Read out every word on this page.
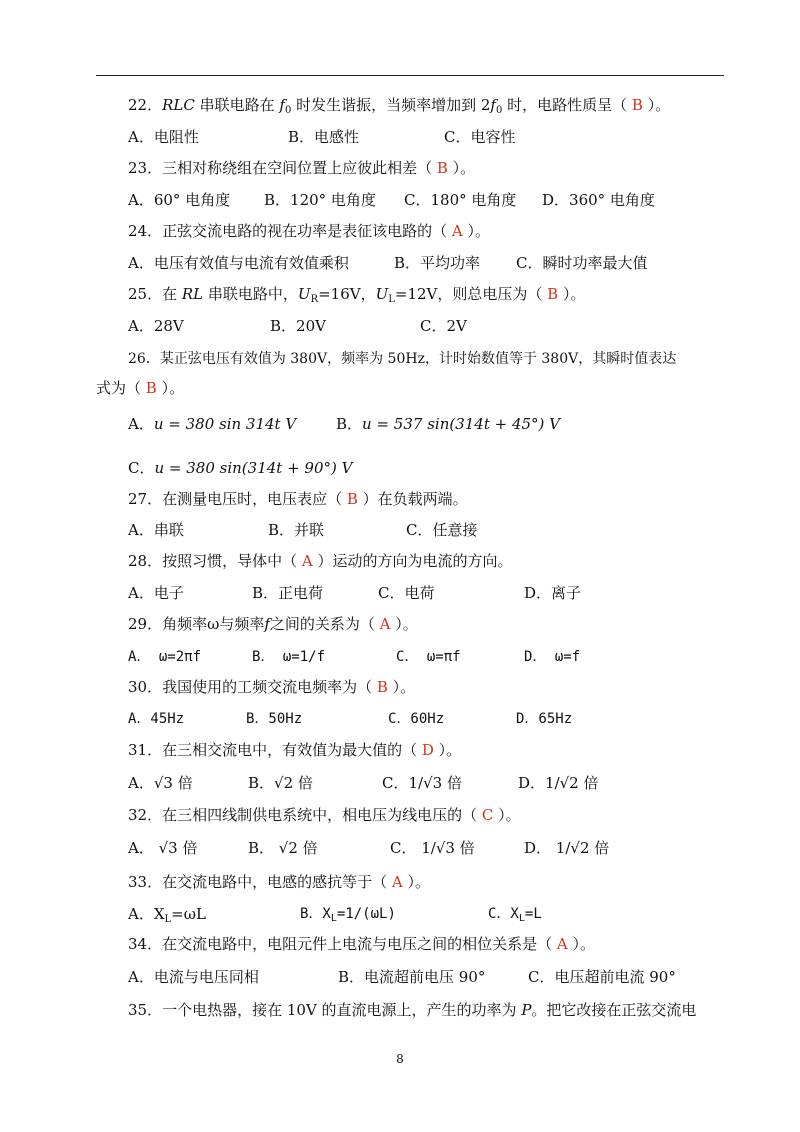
22．RLC 串联电路在 $f_0$ 时发生谐振，当频率增加到 $2f_0$ 时，电路性质呈（ B ）。
A．电阻性	B．电感性	C．电容性
23．三相对称绕组在空间位置上应彼此相差（ B ）。
A．60° 电角度 B．120° 电角度 C．180° 电角度 D．360° 电角度
24．正弦交流电路的视在功率是表征该电路的（ A ）。
A．电压有效值与电流有效值乘积	B．平均功率 C．瞬时功率最大值
25．在 RL 串联电路中，$U_R=16V$，$U_L=12V$，则总电压为（ B ）。
A．28V	B．20V	C．2V
26．某正弦电压有效值为 380V，频率为 50Hz，计时始数值等于 380V，其瞬时值表达
式为（ B ）。
A．u = 380 sin 314t V	B．u = 537 sin(314t + 45°) V
C．u = 380 sin(314t + 90°) V
27．在测量电压时，电压表应（ B ）在负载两端。
A．串联	B．并联	C．任意接
28．按照习惯，导体中（ A ）运动的方向为电流的方向。
A．电子	B．正电荷	C．电荷	D．离子
29．角频率ω与频率f之间的关系为（ A ）。
A． ω=2πf	B． ω=1/f	C． ω=πf	D． ω=f
30．我国使用的工频交流电频率为（ B ）。
A．45Hz	B．50Hz	C．60Hz	D．65Hz
31．在三相交流电中，有效值为最大值的（ D ）。
A．√3 倍	B．√2 倍	C．1/√3 倍	D．1/√2 倍
32．在三相四线制供电系统中，相电压为线电压的（ C ）。
A． √3 倍	B． √2 倍	C． 1/√3 倍	D． 1/√2 倍
33．在交流电路中，电感的感抗等于（ A ）。
A．$X_L=\omega L$	B．$X_L=1/(\omega L)$	C．$X_L=L$
34．在交流电路中，电阻元件上电流与电压之间的相位关系是（ A ）。
A．电流与电压同相	B．电流超前电压 90°	C．电压超前电流 90°
35．一个电热器，接在 10V 的直流电源上，产生的功率为 P。把它改接在正弦交流电
8
